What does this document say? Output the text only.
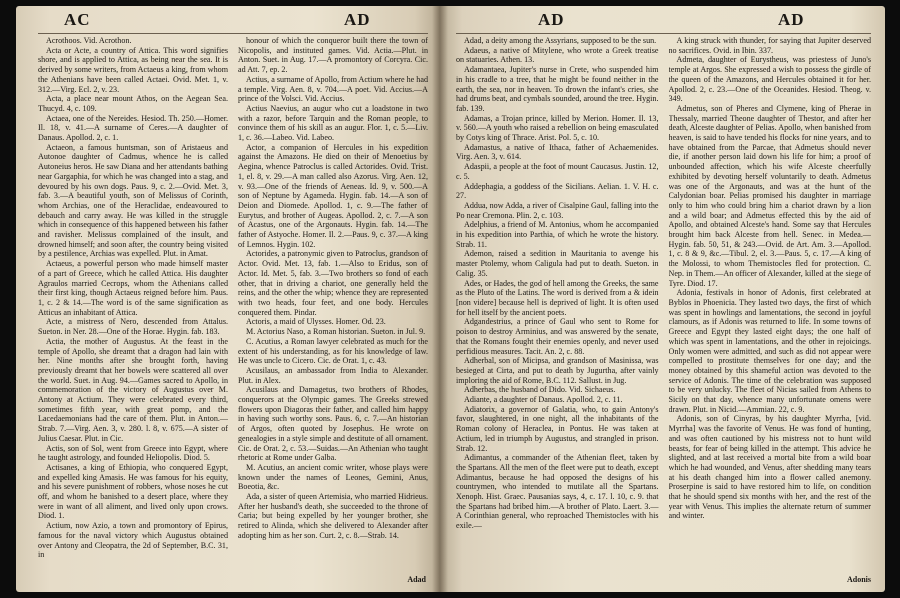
AC	AD

Acrothoos. Vid. Acrothon.

Acta or Acte, a country of Attica. This word signifies shore, and is applied to Attica, as being near the sea. It is derived by some writers, from Actaeus a king, from whom the Athenians have been called Actaei. Ovid. Met. 1, v. 312.—Virg. Ecl. 2, v. 23.

Acta, a place near mount Athos, on the Aegean Sea. Thucyd. 4, c. 109.

Actaea, one of the Nereides. Hesiod. Th. 250.—Homer. Il. 18, v. 41.—A surname of Ceres.—A daughter of Danaus. Apollod. 2, c. 1.

Actaeon, a famous huntsman, son of Aristaeus and Autonoe daughter of Cadmus, whence he is called Autoneius heros. He saw Diana and her attendants bathing near Gargaphia, for which he was changed into a stag, and devoured by his own dogs. Paus. 9, c. 2.—Ovid. Met. 3, fab. 3.—A beautiful youth, son of Melissus of Corinth, whom Archias, one of the Heraclidae, endeavoured to debauch and carry away. He was killed in the struggle which in consequence of this happened between his father and ravisher. Melissus complained of the insult, and drowned himself; and soon after, the country being visited by a pestilence, Archias was expelled. Plut. in Amat.

Actaeus, a powerful person who made himself master of a part of Greece, which he called Attica. His daughter Agraulos married Cecrops, whom the Athenians called their first king, though Actaeus reigned before him. Paus. 1, c. 2 & 14.—The word is of the same signification as Atticus an inhabitant of Attica.

Acte, a mistress of Nero, descended from Attalus. Sueton. in Ner. 28.—One of the Horae. Hygin. fab. 183.

Actia, the mother of Augustus. At the feast in the temple of Apollo, she dreamt that a dragon had lain with her. Nine months after she brought forth, having previously dreamt that her bowels were scattered all over the world. Suet. in Aug. 94.—Games sacred to Apollo, in commemoration of the victory of Augustus over M. Antony at Actium. They were celebrated every third, sometimes fifth year, with great pomp, and the Lacedaemonians had the care of them. Plut. in Anton.—Strab. 7.—Virg. Aen. 3, v. 280. l. 8, v. 675.—A sister of Julius Caesar. Plut. in Cic.

Actis, son of Sol, went from Greece into Egypt, where he taught astrology, and founded Heliopolis. Diod. 5.

Actisanes, a king of Ethiopia, who conquered Egypt, and expelled king Amasis. He was famous for his equity, and his severe punishment of robbers, whose noses he cut off, and whom he banished to a desert place, where they were in want of all aliment, and lived only upon crows. Diod. 1.

Actium, now Azio, a town and promontory of Epirus, famous for the naval victory which Augustus obtained over Antony and Cleopatra, the 2d of September, B.C. 31, in

honour of which the conqueror built there the town of Nicopolis, and instituted games. Vid. Actia.—Plut. in Anton. Suet. in Aug. 17.—A promontory of Corcyra. Cic. ad Att. 7, ep. 2.

Actius, a surname of Apollo, from Actium where he had a temple. Virg. Aen. 8, v. 704.—A poet. Vid. Accius.—A prince of the Volsci. Vid. Accius.

Actius Naevius, an augur who cut a loadstone in two with a razor, before Tarquin and the Roman people, to convince them of his skill as an augur. Flor. 1, c. 5.—Liv. 1, c. 36.—Labeo. Vid. Labeo.

Actor, a companion of Hercules in his expedition against the Amazons. He died on their of Menoetius by Aegina, whence Patroclus is called Actorides. Ovid. Trist. 1, el. 8, v. 29.—A man called also Azorus. Virg. Aen. 12, v. 93.—One of the friends of Aeneas. Id. 9, v. 500.—A son of Neptune by Agameda. Hygin. fab. 14.—A son of Deion and Diomede. Apollod. 1, c. 9.—The father of Eurytus, and brother of Augeas. Apollod. 2, c. 7.—A son of Acastus, one of the Argonauts. Hygin. fab. 14.—The father of Astyoche. Homer. Il. 2.—Paus. 9, c. 37.—A king of Lemnos. Hygin. 102.

Actorides, a patronymic given to Patroclus, grandson of Actor. Ovid. Met. 13, fab. 1.—Also to Eridus, son of Actor. Id. Met. 5, fab. 3.—Two brothers so fond of each other, that in driving a chariot, one generally held the reins, and the other the whip; whence they are represented with two heads, four feet, and one body. Hercules conquered them. Pindar.

Actoris, a maid of Ulysses. Homer. Od. 23.

M. Actorius Naso, a Roman historian. Sueton. in Jul. 9.

C. Acutius, a Roman lawyer celebrated as much for the extent of his understanding, as for his knowledge of law. He was uncle to Cicero. Cic. de Orat. 1, c. 43.

Acusilaus, an ambassador from India to Alexander. Plut. in Alex.

Acusilaus and Damagetus, two brothers of Rhodes, conquerors at the Olympic games. The Greeks strewed flowers upon Diagoras their father, and called him happy in having such worthy sons. Paus. 6, c. 7.—An historian of Argos, often quoted by Josephus. He wrote on genealogies in a style simple and destitute of all ornament. Cic. de Orat. 2, c. 53.—Suidas.—An Athenian who taught rhetoric at Rome under Galba.

M. Acutius, an ancient comic writer, whose plays were known under the names of Leones, Gemini, Anus, Boeotia, &c.

Ada, a sister of queen Artemisia, who married Hidrieus. After her husband's death, she succeeded to the throne of Caria; but being expelled by her younger brother, she retired to Alinda, which she delivered to Alexander after adopting him as her son. Curt. 2, c. 8.—Strab. 14.

Adad
AD	AD

Adad, a deity among the Assyrians, supposed to be the sun.

Adaeus, a native of Mitylene, who wrote a Greek treatise on statuaries. Athen. 13.

Adamantaea, Jupiter's nurse in Crete, who suspended him in his cradle to a tree, that he might be found neither in the earth, the sea, nor in heaven. To drown the infant's cries, she had drums beat, and cymbals sounded, around the tree. Hygin. fab. 139.

Adamas, a Trojan prince, killed by Merion. Homer. Il. 13, v. 560.—A youth who raised a rebellion on being emasculated by Cotys king of Thrace. Arist. Pol. 5, c. 10.

Adamastus, a native of Ithaca, father of Achaemenides. Virg. Aen. 3, v. 614.

Adaspii, a people at the foot of mount Caucasus. Justin. 12, c. 5.

Addephagia, a goddess of the Sicilians. Aelian. 1. V. H. c. 27.

Addua, now Adda, a river of Cisalpine Gaul, falling into the Po near Cremona. Plin. 2, c. 103.

Adelphius, a friend of M. Antonius, whom he accompanied in his expedition into Parthia, of which he wrote the history. Strab. 11.

Ademon, raised a sedition in Mauritania to avenge his master Ptolemy, whom Caligula had put to death. Sueton. in Calig. 35.

Ades, or Hades, the god of hell among the Greeks, the same as the Pluto of the Latins. The word is derived from a & idein [non videre] because hell is deprived of light. It is often used for hell itself by the ancient poets.

Adgandestrius, a prince of Gaul who sent to Rome for poison to destroy Arminius, and was answered by the senate, that the Romans fought their enemies openly, and never used perfidious measures. Tacit. An. 2, c. 88.

Adherbal, son of Micipsa, and grandson of Masinissa, was besieged at Cirta, and put to death by Jugurtha, after vainly imploring the aid of Rome, B.C. 112. Sallust. in Jug.

Adherbas, the husband of Dido. Vid. Sichaeus.

Adiante, a daughter of Danaus. Apollod. 2, c. 11.

Adiatorix, a governor of Galatia, who, to gain Antony's favor, slaughtered, in one night, all the inhabitants of the Roman colony of Heraclea, in Pontus. He was taken at Actium, led in triumph by Augustus, and strangled in prison. Strab. 12.

Adimantus, a commander of the Athenian fleet, taken by the Spartans. All the men of the fleet were put to death, except Adimantus, because he had opposed the designs of his countrymen, who intended to mutilate all the Spartans. Xenoph. Hist. Graec. Pausanias says, 4, c. 17. l. 10, c. 9. that the Spartans had bribed him.—A brother of Plato. Laert. 3.—A Corinthian general, who reproached Themistocles with his exile.—

A king struck with thunder, for saying that Jupiter deserved no sacrifices. Ovid. in Ibin. 337.

Admeta, daughter of Eurystheus, was priestess of Juno's temple at Argos. She expressed a wish to possess the girdle of the queen of the Amazons, and Hercules obtained it for her. Apollod. 2, c. 23.—One of the Oceanides. Hesiod. Theog. v. 349.

Admetus, son of Pheres and Clymene, king of Pherae in Thessaly, married Theone daughter of Thestor, and after her death, Alceste daughter of Pelias. Apollo, when banished from heaven, is said to have tended his flocks for nine years, and to have obtained from the Parcae, that Admetus should never die, if another person laid down his life for him; a proof of unbounded affection, which his wife Alceste cheerfully exhibited by devoting herself voluntarily to death. Admetus was one of the Argonauts, and was at the hunt of the Calydonian boar. Pelias promised his daughter in marriage only to him who could bring him a chariot drawn by a lion and a wild boar; and Admetus effected this by the aid of Apollo, and obtained Alceste's hand. Some say that Hercules brought him back Alceste from hell. Senec. in Medea.—Hygin. fab. 50, 51, & 243.—Ovid. de Art. Am. 3.—Apollod. 1, c. 8 & 9, &c.—Tibul. 2, el. 3.—Paus. 5, c. 17.—A king of the Molossi, to whom Themistocles fled for protection. C. Nep. in Them.—An officer of Alexander, killed at the siege of Tyre. Diod. 17.

Adonia, festivals in honor of Adonis, first celebrated at Byblos in Phoenicia. They lasted two days, the first of which was spent in howlings and lamentations, the second in joyful clamours, as if Adonis was returned to life. In some towns of Greece and Egypt they lasted eight days; the one half of which was spent in lamentations, and the other in rejoicings. Only women were admitted, and such as did not appear were compelled to prostitute themselves for one day; and the money obtained by this shameful action was devoted to the service of Adonis. The time of the celebration was supposed to be very unlucky. The fleet of Nicias sailed from Athens to Sicily on that day, whence many unfortunate omens were drawn. Plut. in Nicid.—Ammian. 22, c. 9.

Adonis, son of Cinyras, by his daughter Myrrha, [vid. Myrrha] was the favorite of Venus. He was fond of hunting, and was often cautioned by his mistress not to hunt wild beasts, for fear of being killed in the attempt. This advice he slighted, and at last received a mortal bite from a wild boar which he had wounded, and Venus, after shedding many tears at his death changed him into a flower called anemony. Proserpine is said to have restored him to life, on condition that he should spend six months with her, and the rest of the year with Venus. This implies the alternate return of summer and winter.

Adonis
